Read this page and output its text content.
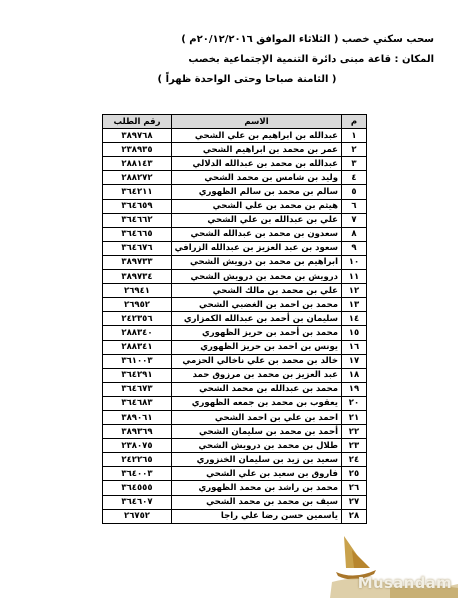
سحب سكني خصب ( الثلاثاء الموافق ٢٠/١٢/٢٠١٦م )
المكان : قاعة مبنى دائرة التنمية الإجتماعية بخصب
( الثامنة صباحا وحتى الواحدة ظهراً )
م	الاسم	رقم الطلب
١	عبدالله بن ابراهيم بن علي الشحي	٣٨٩٧٦٨
٢	عمر بن محمد بن ابراهيم الشحي	٢٣٨٩٣٥
٣	عبدالله بن محمد بن عبدالله الدلالي	٢٨٨١٤٣
٤	وليد بن شامس بن محمد الشحي	٢٨٨٢٧٢
٥	سالم بن محمد بن سالم الظهوري	٣٦٤٢١١
٦	هيثم بن محمد بن علي الشحي	٣٦٤٦٥٩
٧	علي بن عبدالله بن علي الشحي	٣٦٤٦٦٢
٨	سعدون بن محمد بن عبدالله الشحي	٣٦٤٦٦٥
٩	سعود بن عبد العزيز بن عبدالله الزرافي	٣٦٤٦٧٦
١٠	ابراهيم بن محمد بن درويش الشحي	٣٨٩٧٣٣
١١	درويش بن محمد بن درويش الشحي	٣٨٩٧٣٤
١٢	علي بن محمد بن مالك الشحي	٢٦٩٤١
١٣	محمد بن احمد بن الغضبي الشحي	٢٦٩٥٢
١٤	سليمان بن أحمد بن عبدالله الكمزاري	٢٤٢٣٥٦
١٥	محمد بن أحمد بن حريز الظهوري	٢٨٨٣٤٠
١٦	يونس بن احمد بن حريز الظهوري	٢٨٨٣٤١
١٧	خالد بن محمد بن علي ناخالي الحزمي	٣٦١٠٠٣
١٨	عبد العزيز بن محمد بن مرزوق حمد	٣٦٤٢٩١
١٩	محمد بن عبدالله بن محمد الشحي	٣٦٤٦٧٣
٢٠	يعقوب بن محمد بن جمعه الظهوري	٣٦٤٦٨٣
٢١	احمد بن علي بن احمد الشحي	٣٨٩٠٦١
٢٢	أحمد بن محمد بن سليمان الشحي	٣٨٩٣٦٩
٢٣	طلال بن محمد بن درويش الشحي	٢٣٨٠٧٥
٢٤	سعيد بن زيد بن سليمان الخنزوري	٢٤٢٢٦٥
٢٥	فاروق بن سعيد بن علي الشحي	٣٦٤٠٠٣
٢٦	محمد بن راشد بن محمد الظهوري	٣٦٤٥٥٥
٢٧	سيف بن محمد بن محمد الشحي	٣٦٤٦٠٧
٢٨	ياسمين حسن رضا علي راجا	٢٦٧٥٢
Musandam
